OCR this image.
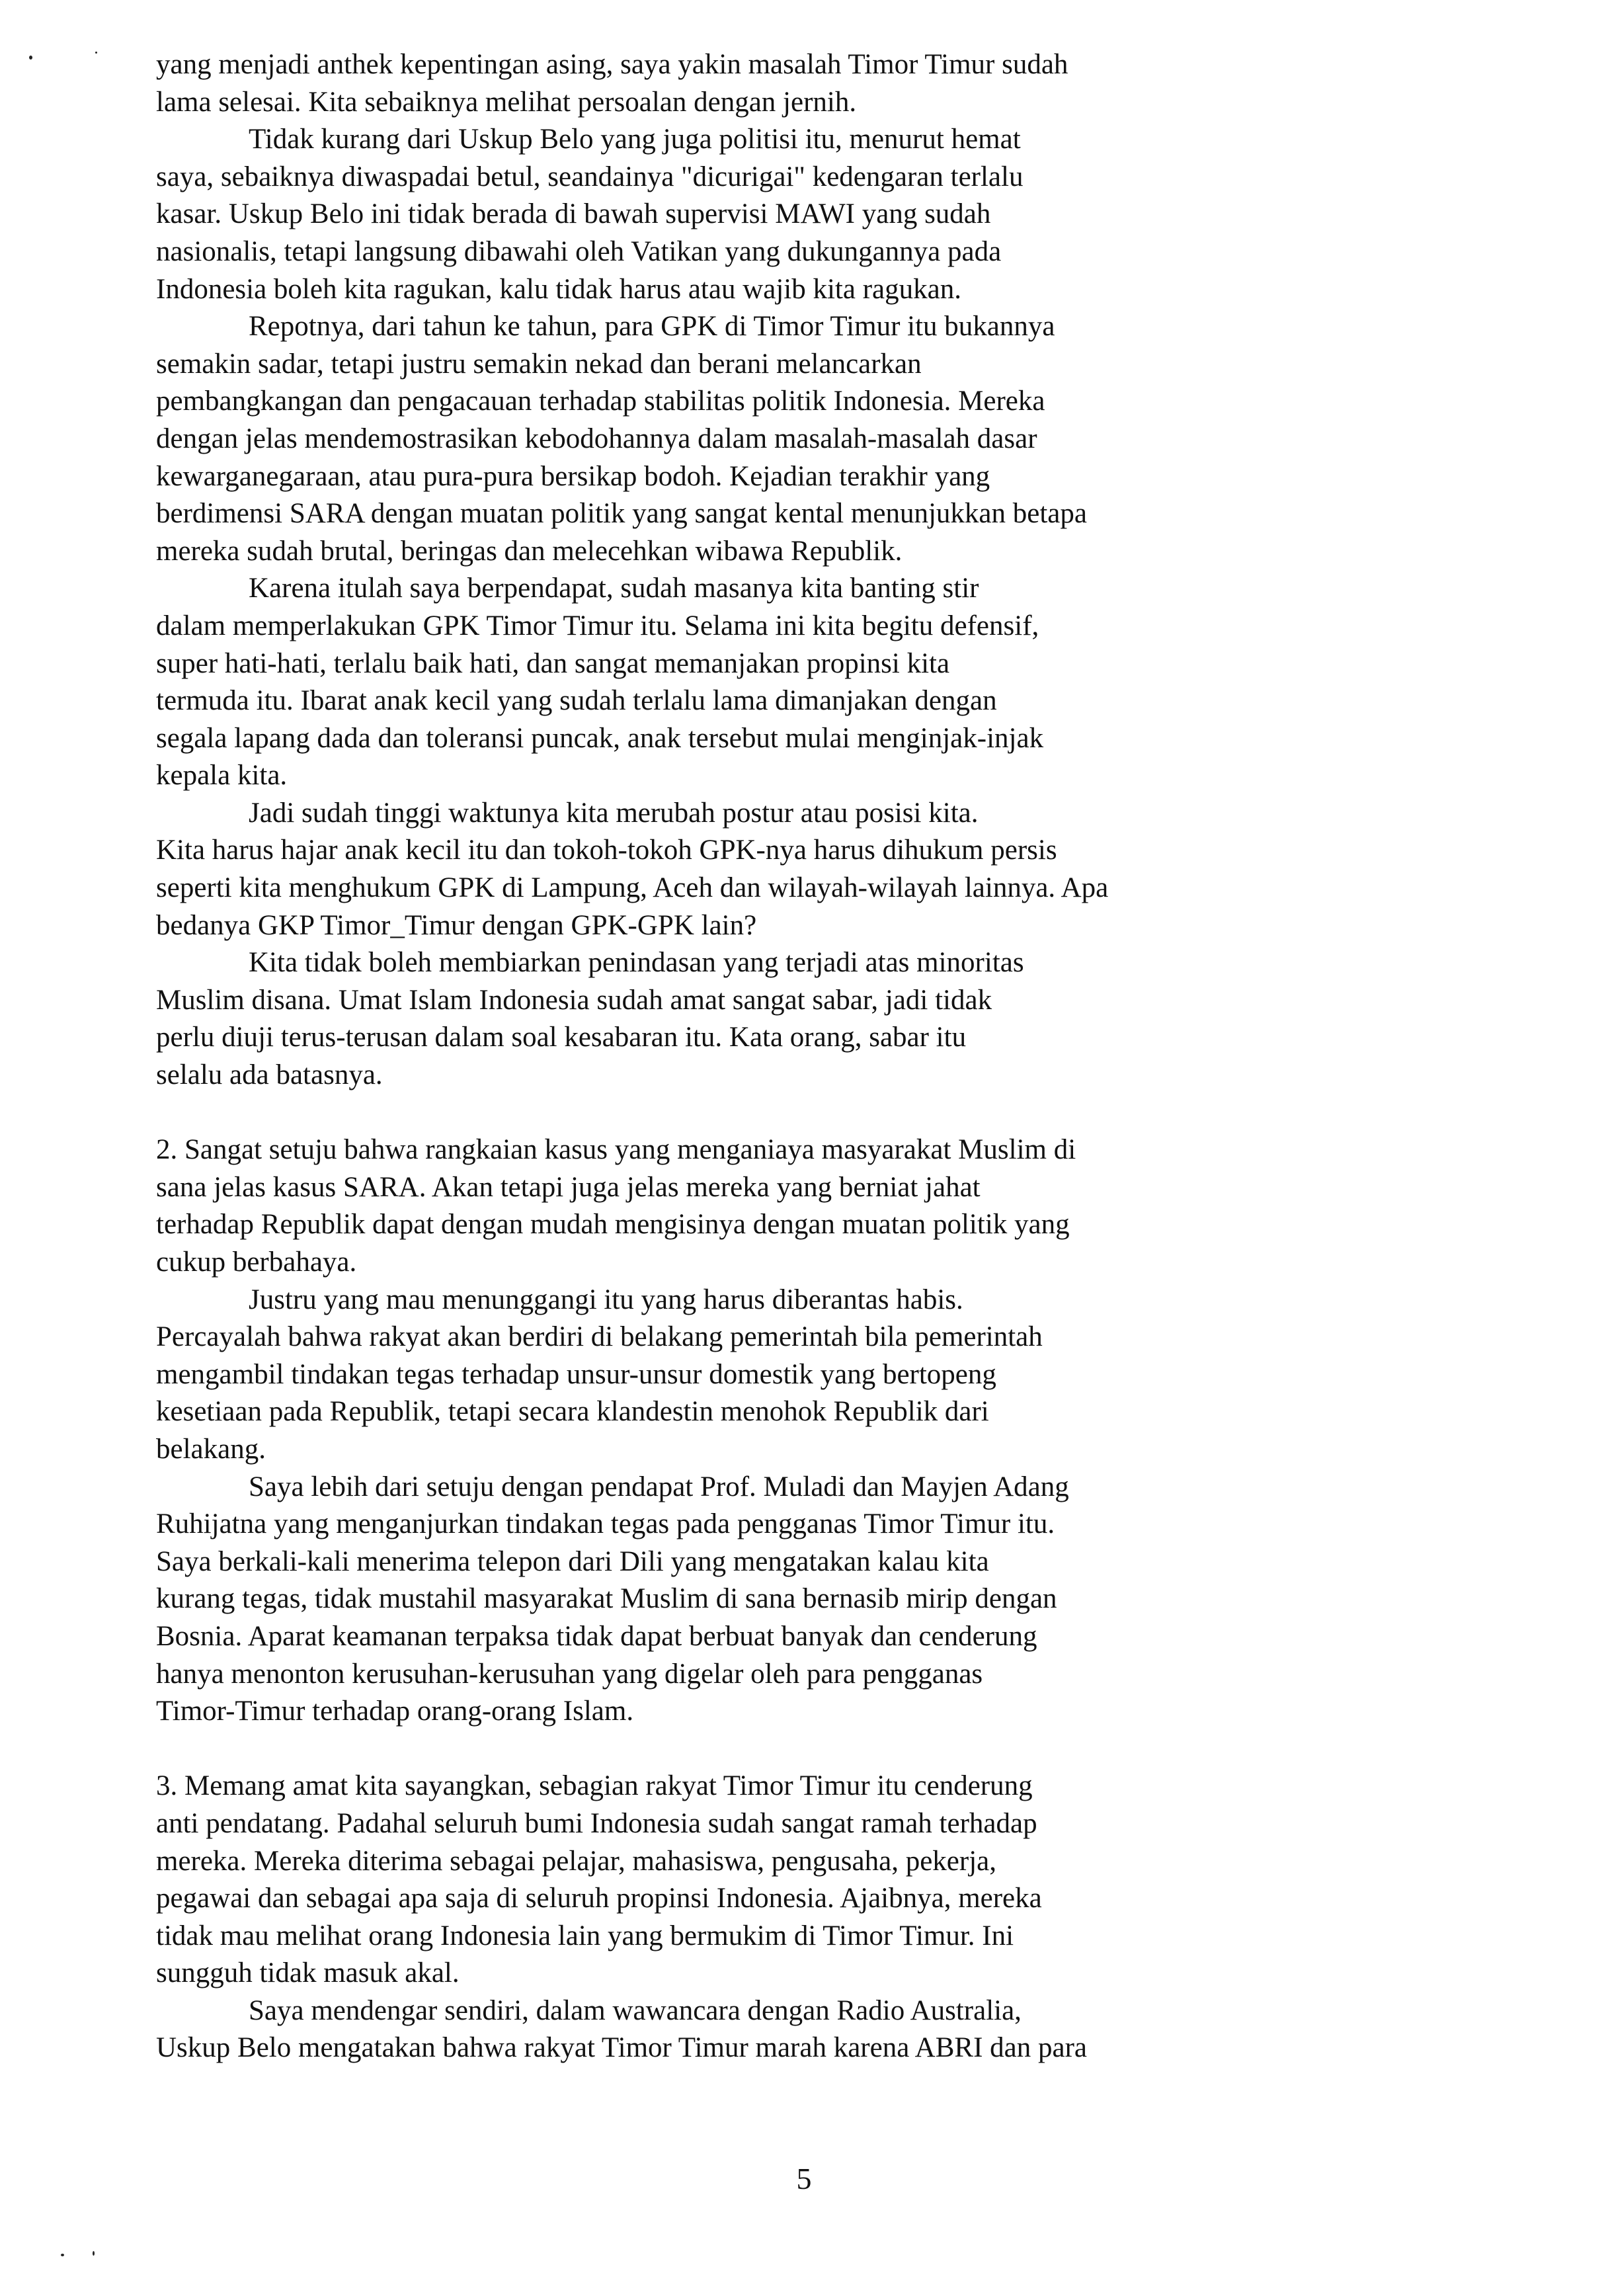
yang menjadi anthek kepentingan asing, saya yakin masalah Timor Timur sudah
lama selesai. Kita sebaiknya melihat persoalan dengan jernih.
Tidak kurang dari Uskup Belo yang juga politisi itu, menurut hemat
saya, sebaiknya diwaspadai betul, seandainya "dicurigai" kedengaran terlalu
kasar. Uskup Belo ini tidak berada di bawah supervisi MAWI yang sudah
nasionalis, tetapi langsung dibawahi oleh Vatikan yang dukungannya pada
Indonesia boleh kita ragukan, kalu tidak harus atau wajib kita ragukan.
Repotnya, dari tahun ke tahun, para GPK di Timor Timur itu bukannya
semakin sadar, tetapi justru semakin nekad dan berani melancarkan
pembangkangan dan pengacauan terhadap stabilitas politik Indonesia. Mereka
dengan jelas mendemostrasikan kebodohannya dalam masalah-masalah dasar
kewarganegaraan, atau pura-pura bersikap bodoh. Kejadian terakhir yang
berdimensi SARA dengan muatan politik yang sangat kental menunjukkan betapa
mereka sudah brutal, beringas dan melecehkan wibawa Republik.
Karena itulah saya berpendapat, sudah masanya kita banting stir
dalam memperlakukan GPK Timor Timur itu. Selama ini kita begitu defensif,
super hati-hati, terlalu baik hati, dan sangat memanjakan propinsi kita
termuda itu. Ibarat anak kecil yang sudah terlalu lama dimanjakan dengan
segala lapang dada dan toleransi puncak, anak tersebut mulai menginjak-injak
kepala kita.
Jadi sudah tinggi waktunya kita merubah postur atau posisi kita.
Kita harus hajar anak kecil itu dan tokoh-tokoh GPK-nya harus dihukum persis
seperti kita menghukum GPK di Lampung, Aceh dan wilayah-wilayah lainnya. Apa
bedanya GKP Timor_Timur dengan GPK-GPK lain?
Kita tidak boleh membiarkan penindasan yang terjadi atas minoritas
Muslim disana. Umat Islam Indonesia sudah amat sangat sabar, jadi tidak
perlu diuji terus-terusan dalam soal kesabaran itu. Kata orang, sabar itu
selalu ada batasnya.
2. Sangat setuju bahwa rangkaian kasus yang menganiaya masyarakat Muslim di
sana jelas kasus SARA. Akan tetapi juga jelas mereka yang berniat jahat
terhadap Republik dapat dengan mudah mengisinya dengan muatan politik yang
cukup berbahaya.
Justru yang mau menunggangi itu yang harus diberantas habis.
Percayalah bahwa rakyat akan berdiri di belakang pemerintah bila pemerintah
mengambil tindakan tegas terhadap unsur-unsur domestik yang bertopeng
kesetiaan pada Republik, tetapi secara klandestin menohok Republik dari
belakang.
Saya lebih dari setuju dengan pendapat Prof. Muladi dan Mayjen Adang
Ruhijatna yang menganjurkan tindakan tegas pada pengganas Timor Timur itu.
Saya berkali-kali menerima telepon dari Dili yang mengatakan kalau kita
kurang tegas, tidak mustahil masyarakat Muslim di sana bernasib mirip dengan
Bosnia. Aparat keamanan terpaksa tidak dapat berbuat banyak dan cenderung
hanya menonton kerusuhan-kerusuhan yang digelar oleh para pengganas
Timor-Timur terhadap orang-orang Islam.
3. Memang amat kita sayangkan, sebagian rakyat Timor Timur itu cenderung
anti pendatang. Padahal seluruh bumi Indonesia sudah sangat ramah terhadap
mereka. Mereka diterima sebagai pelajar, mahasiswa, pengusaha, pekerja,
pegawai dan sebagai apa saja di seluruh propinsi Indonesia. Ajaibnya, mereka
tidak mau melihat orang Indonesia lain yang bermukim di Timor Timur. Ini
sungguh tidak masuk akal.
Saya mendengar sendiri, dalam wawancara dengan Radio Australia,
Uskup Belo mengatakan bahwa rakyat Timor Timur marah karena ABRI dan para
5
